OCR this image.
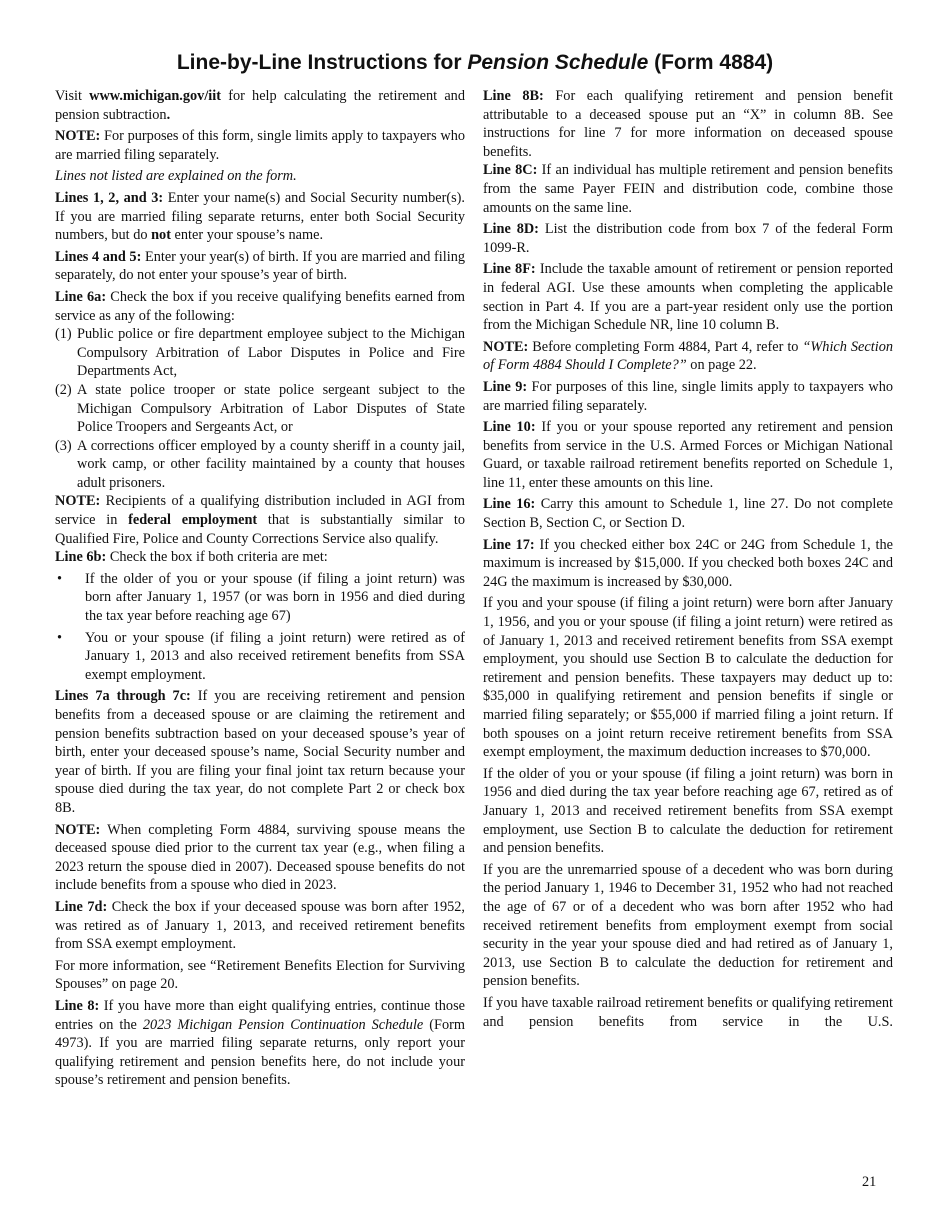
Line-by-Line Instructions for Pension Schedule (Form 4884)

Visit www.michigan.gov/iit for help calculating the retirement and pension subtraction.

NOTE: For purposes of this form, single limits apply to taxpayers who are married filing separately.

Lines not listed are explained on the form.

Lines 1, 2, and 3: Enter your name(s) and Social Security number(s). If you are married filing separate returns, enter both Social Security numbers, but do not enter your spouse’s name.

Lines 4 and 5: Enter your year(s) of birth. If you are married and filing separately, do not enter your spouse’s year of birth.

Line 6a: Check the box if you receive qualifying benefits earned from service as any of the following:

(1) Public police or fire department employee subject to the Michigan Compulsory Arbitration of Labor Disputes in Police and Fire Departments Act,
(2) A state police trooper or state police sergeant subject to the Michigan Compulsory Arbitration of Labor Disputes of State Police Troopers and Sergeants Act, or
(3) A corrections officer employed by a county sheriff in a county jail, work camp, or other facility maintained by a county that houses adult prisoners.

NOTE: Recipients of a qualifying distribution included in AGI from service in federal employment that is substantially similar to Qualified Fire, Police and County Corrections Service also qualify.

Line 6b: Check the box if both criteria are met:

•	If the older of you or your spouse (if filing a joint return) was born after January 1, 1957 (or was born in 1956 and died during the tax year before reaching age 67)
•	You or your spouse (if filing a joint return) were retired as of January 1, 2013 and also received retirement benefits from SSA exempt employment.

Lines 7a through 7c: If you are receiving retirement and pension benefits from a deceased spouse or are claiming the retirement and pension benefits subtraction based on your deceased spouse’s year of birth, enter your deceased spouse’s name, Social Security number and year of birth. If you are filing your final joint tax return because your spouse died during the tax year, do not complete Part 2 or check box 8B.

NOTE: When completing Form 4884, surviving spouse means the deceased spouse died prior to the current tax year (e.g., when filing a 2023 return the spouse died in 2007). Deceased spouse benefits do not include benefits from a spouse who died in 2023.

Line 7d: Check the box if your deceased spouse was born after 1952, was retired as of January 1, 2013, and received retirement benefits from SSA exempt employment.

For more information, see “Retirement Benefits Election for Surviving Spouses” on page 20.

Line 8: If you have more than eight qualifying entries, continue those entries on the 2023 Michigan Pension Continuation Schedule (Form 4973). If you are married filing separate returns, only report your qualifying retirement and pension benefits here, do not include your spouse’s retirement and pension benefits.

Line 8B: For each qualifying retirement and pension benefit attributable to a deceased spouse put an “X” in column 8B. See instructions for line 7 for more information on deceased spouse benefits.

Line 8C: If an individual has multiple retirement and pension benefits from the same Payer FEIN and distribution code, combine those amounts on the same line.

Line 8D: List the distribution code from box 7 of the federal Form 1099-R.

Line 8F: Include the taxable amount of retirement or pension reported in federal AGI. Use these amounts when completing the applicable section in Part 4. If you are a part-year resident only use the portion from the Michigan Schedule NR, line 10 column B.

NOTE: Before completing Form 4884, Part 4, refer to “Which Section of Form 4884 Should I Complete?” on page 22.

Line 9: For purposes of this line, single limits apply to taxpayers who are married filing separately.

Line 10: If you or your spouse reported any retirement and pension benefits from service in the U.S. Armed Forces or Michigan National Guard, or taxable railroad retirement benefits reported on Schedule 1, line 11, enter these amounts on this line.

Line 16: Carry this amount to Schedule 1, line 27. Do not complete Section B, Section C, or Section D.

Line 17: If you checked either box 24C or 24G from Schedule 1, the maximum is increased by $15,000. If you checked both boxes 24C and 24G the maximum is increased by $30,000.

If you and your spouse (if filing a joint return) were born after January 1, 1956, and you or your spouse (if filing a joint return) were retired as of January 1, 2013 and received retirement benefits from SSA exempt employment, you should use Section B to calculate the deduction for retirement and pension benefits. These taxpayers may deduct up to: $35,000 in qualifying retirement and pension benefits if single or married filing separately; or $55,000 if married filing a joint return. If both spouses on a joint return receive retirement benefits from SSA exempt employment, the maximum deduction increases to $70,000.

If the older of you or your spouse (if filing a joint return) was born in 1956 and died during the tax year before reaching age 67, retired as of January 1, 2013 and received retirement benefits from SSA exempt employment, use Section B to calculate the deduction for retirement and pension benefits.

If you are the unremarried spouse of a decedent who was born during the period January 1, 1946 to December 31, 1952 who had not reached the age of 67 or of a decedent who was born after 1952 who had received retirement benefits from employment exempt from social security in the year your spouse died and had retired as of January 1, 2013, use Section B to calculate the deduction for retirement and pension benefits.

If you have taxable railroad retirement benefits or qualifying retirement and pension benefits from service in the U.S.

21
